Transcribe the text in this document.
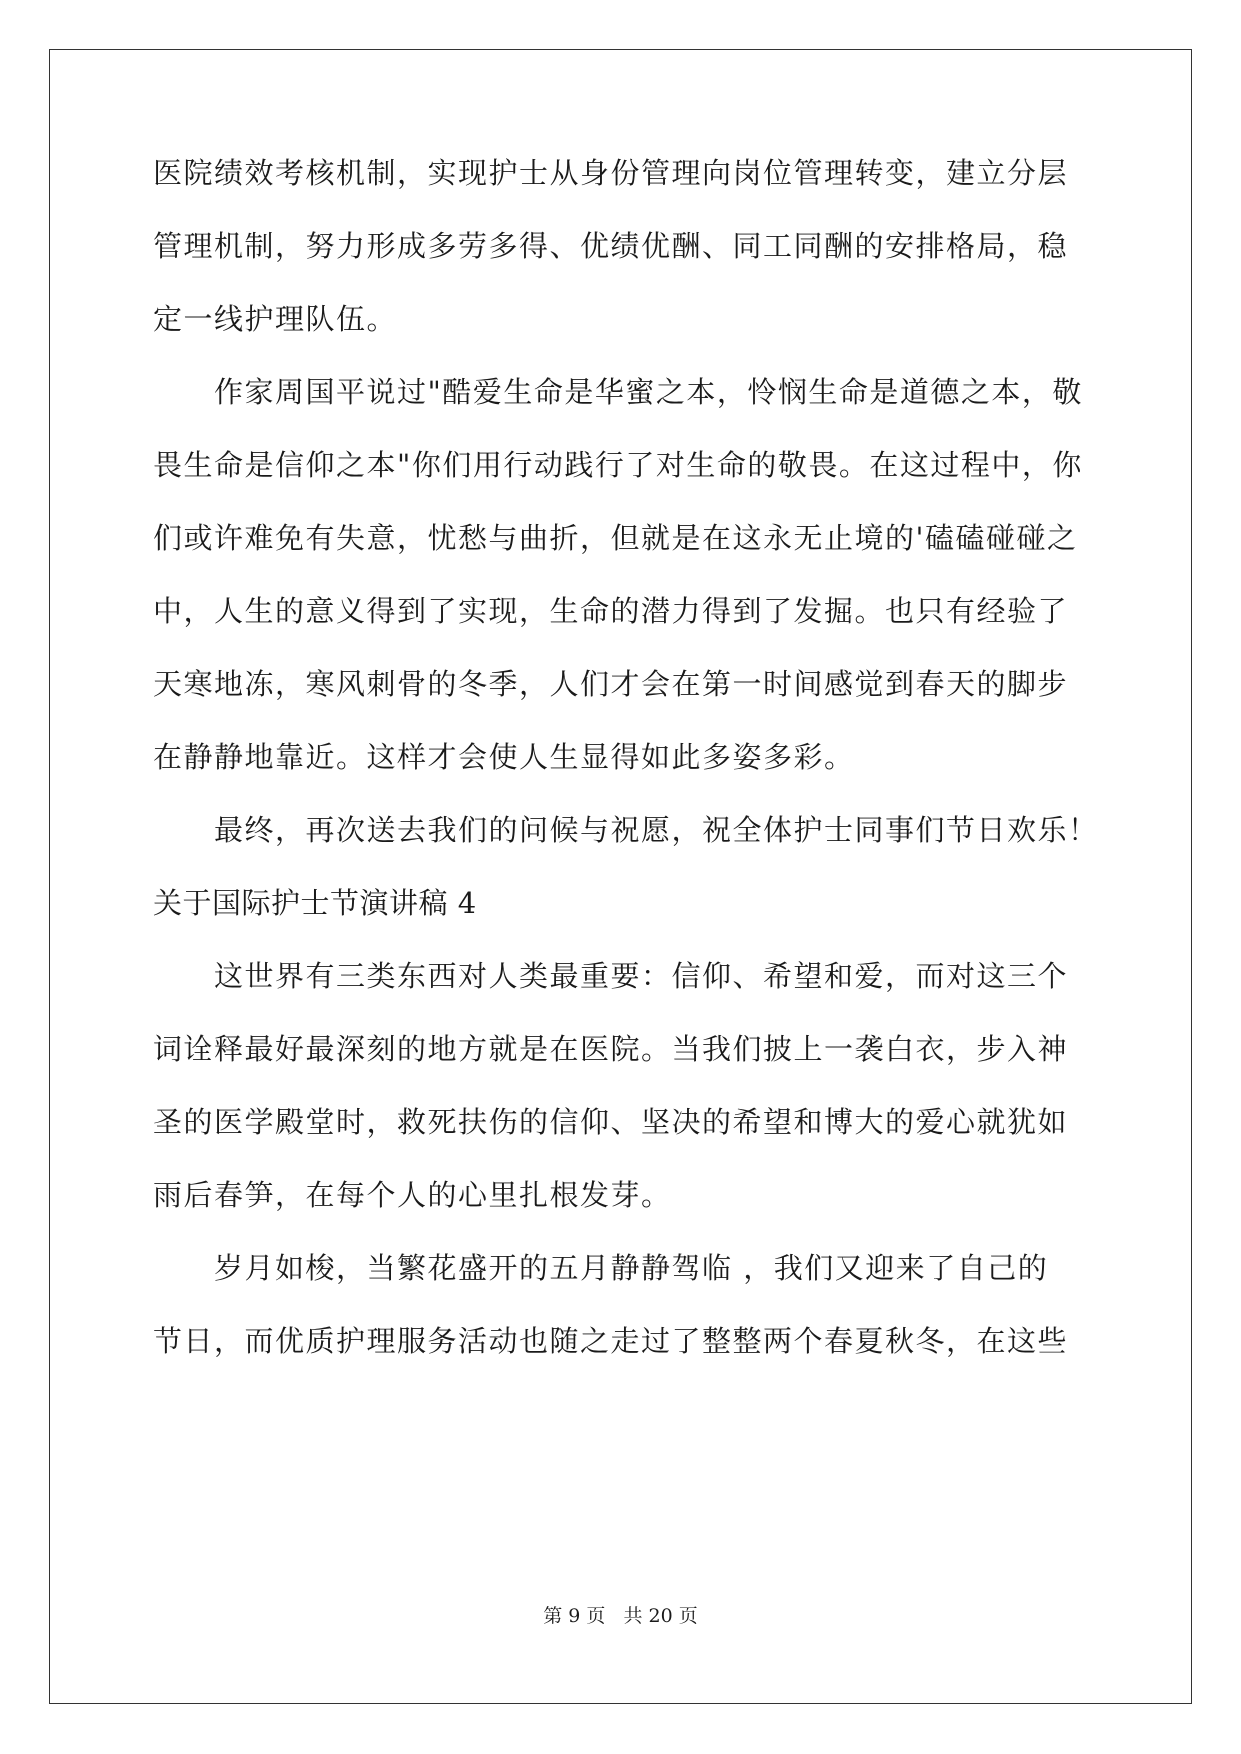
医院绩效考核机制，实现护士从身份管理向岗位管理转变，建立分层
管理机制，努力形成多劳多得、优绩优酬、同工同酬的安排格局，稳
定一线护理队伍。
作家周国平说过"酷爱生命是华蜜之本，怜悯生命是道德之本，敬
畏生命是信仰之本"你们用行动践行了对生命的敬畏。在这过程中，你
们或许难免有失意，忧愁与曲折，但就是在这永无止境的'磕磕碰碰之
中，人生的意义得到了实现，生命的潜力得到了发掘。也只有经验了
天寒地冻，寒风刺骨的冬季，人们才会在第一时间感觉到春天的脚步
在静静地靠近。这样才会使人生显得如此多姿多彩。
最终，再次送去我们的问候与祝愿，祝全体护士同事们节日欢乐！
关于国际护士节演讲稿 4
这世界有三类东西对人类最重要：信仰、希望和爱，而对这三个
词诠释最好最深刻的地方就是在医院。当我们披上一袭白衣，步入神
圣的医学殿堂时，救死扶伤的信仰、坚决的希望和博大的爱心就犹如
雨后春笋，在每个人的心里扎根发芽。
岁月如梭，当繁花盛开的五月静静驾临 ，我们又迎来了自己的
节日，而优质护理服务活动也随之走过了整整两个春夏秋冬，在这些
第 9 页 共 20 页
